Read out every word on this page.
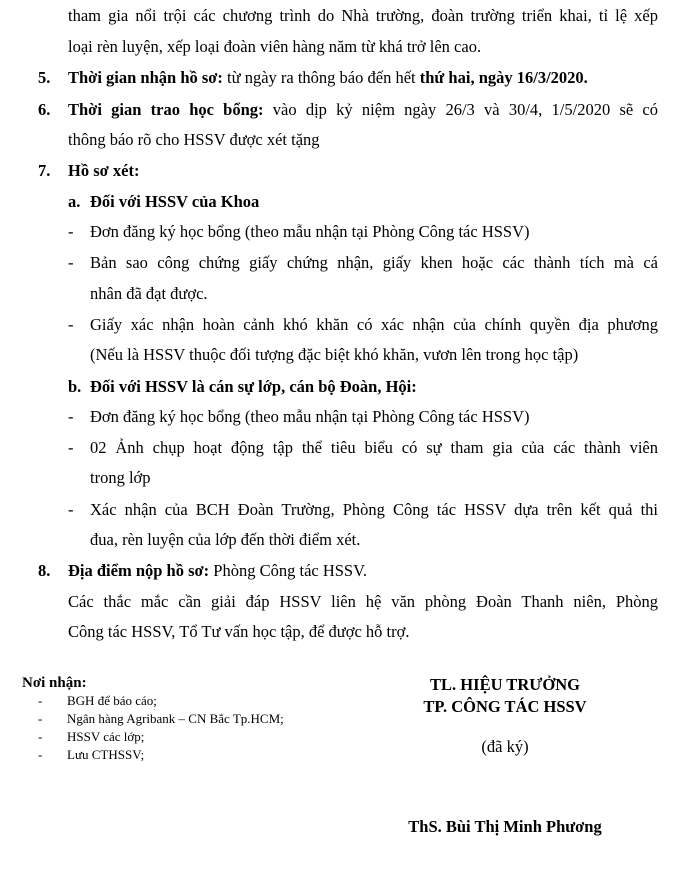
tham gia nổi trội các chương trình do Nhà trường, đoàn trường triển khai, tỉ lệ xếp
loại rèn luyện, xếp loại đoàn viên hàng năm từ khá trở lên cao.
5. Thời gian nhận hồ sơ: từ ngày ra thông báo đến hết thứ hai, ngày 16/3/2020.
6. Thời gian trao học bổng: vào dịp kỷ niệm ngày 26/3 và 30/4, 1/5/2020 sẽ có
thông báo rõ cho HSSV được xét tặng
7. Hồ sơ xét:
a. Đối với HSSV của Khoa
- Đơn đăng ký học bổng (theo mẫu nhận tại Phòng Công tác HSSV)
- Bản sao công chứng giấy chứng nhận, giấy khen hoặc các thành tích mà cá
nhân đã đạt được.
- Giấy xác nhận hoàn cảnh khó khăn có xác nhận của chính quyền địa phương
(Nếu là HSSV thuộc đối tượng đặc biệt khó khăn, vươn lên trong học tập)
b. Đối với HSSV là cán sự lớp, cán bộ Đoàn, Hội:
- Đơn đăng ký học bổng (theo mẫu nhận tại Phòng Công tác HSSV)
- 02 Ảnh chụp hoạt động tập thể tiêu biểu có sự tham gia của các thành viên
trong lớp
- Xác nhận của BCH Đoàn Trường, Phòng Công tác HSSV dựa trên kết quả thi
đua, rèn luyện của lớp đến thời điểm xét.
8. Địa điểm nộp hồ sơ: Phòng Công tác HSSV.
Các thắc mắc cần giải đáp HSSV liên hệ văn phòng Đoàn Thanh niên, Phòng
Công tác HSSV, Tổ Tư vấn học tập, để được hỗ trợ.
Nơi nhận:
- BGH để báo cáo;
- Ngân hàng Agribank – CN Bắc Tp.HCM;
- HSSV các lớp;
- Lưu CTHSSV;
TL. HIỆU TRƯỞNG
TP. CÔNG TÁC HSSV
(đã ký)
ThS. Bùi Thị Minh Phương
